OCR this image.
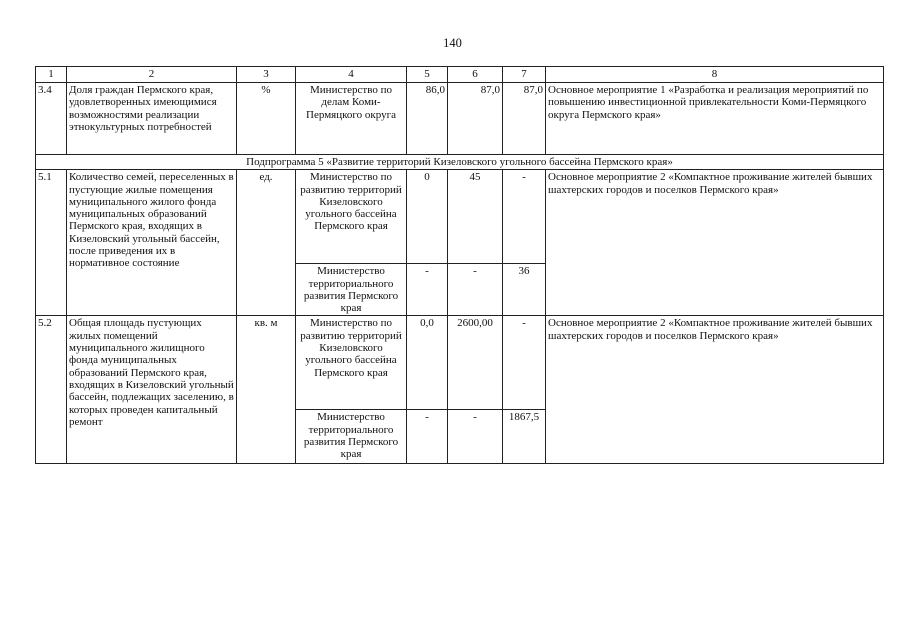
140
1	2	3	4	5	6	7	8
3.4	Доля граждан Пермского края, удовлетворенных имеющимися возможностями реализации этнокультурных потребностей	%	Министерство по делам Коми-Пермяцкого округа	86,0	87,0	87,0	Основное мероприятие 1 «Разработка и реализация мероприятий по повышению инвестиционной привлекательности Коми-Пермяцкого округа Пермского края»
Подпрограмма 5 «Развитие территорий Кизеловского угольного бассейна Пермского края»							
5.1	Количество семей, переселенных в пустующие жилые помещения муниципального жилого фонда муниципальных образований Пермского края, входящих в Кизеловский угольный бассейн, после приведения их в нормативное состояние	ед.	Министерство по развитию территорий Кизеловского угольного бассейна Пермского края	0	45	-	Основное мероприятие 2 «Компактное проживание жителей бывших шахтерских городов и поселков Пермского края»
			Министерство территориального развития Пермского края	-	-	36	
5.2	Общая площадь пустующих жилых помещений муниципального жилищного фонда муниципальных образований Пермского края, входящих в Кизеловский угольный бассейн, подлежащих заселению, в которых проведен капитальный ремонт	кв. м	Министерство по развитию территорий Кизеловского угольного бассейна Пермского края	0,0	2600,00	-	Основное мероприятие 2 «Компактное проживание жителей бывших шахтерских городов и поселков Пермского края»
			Министерство территориального развития Пермского края	-	-	1867,5	
